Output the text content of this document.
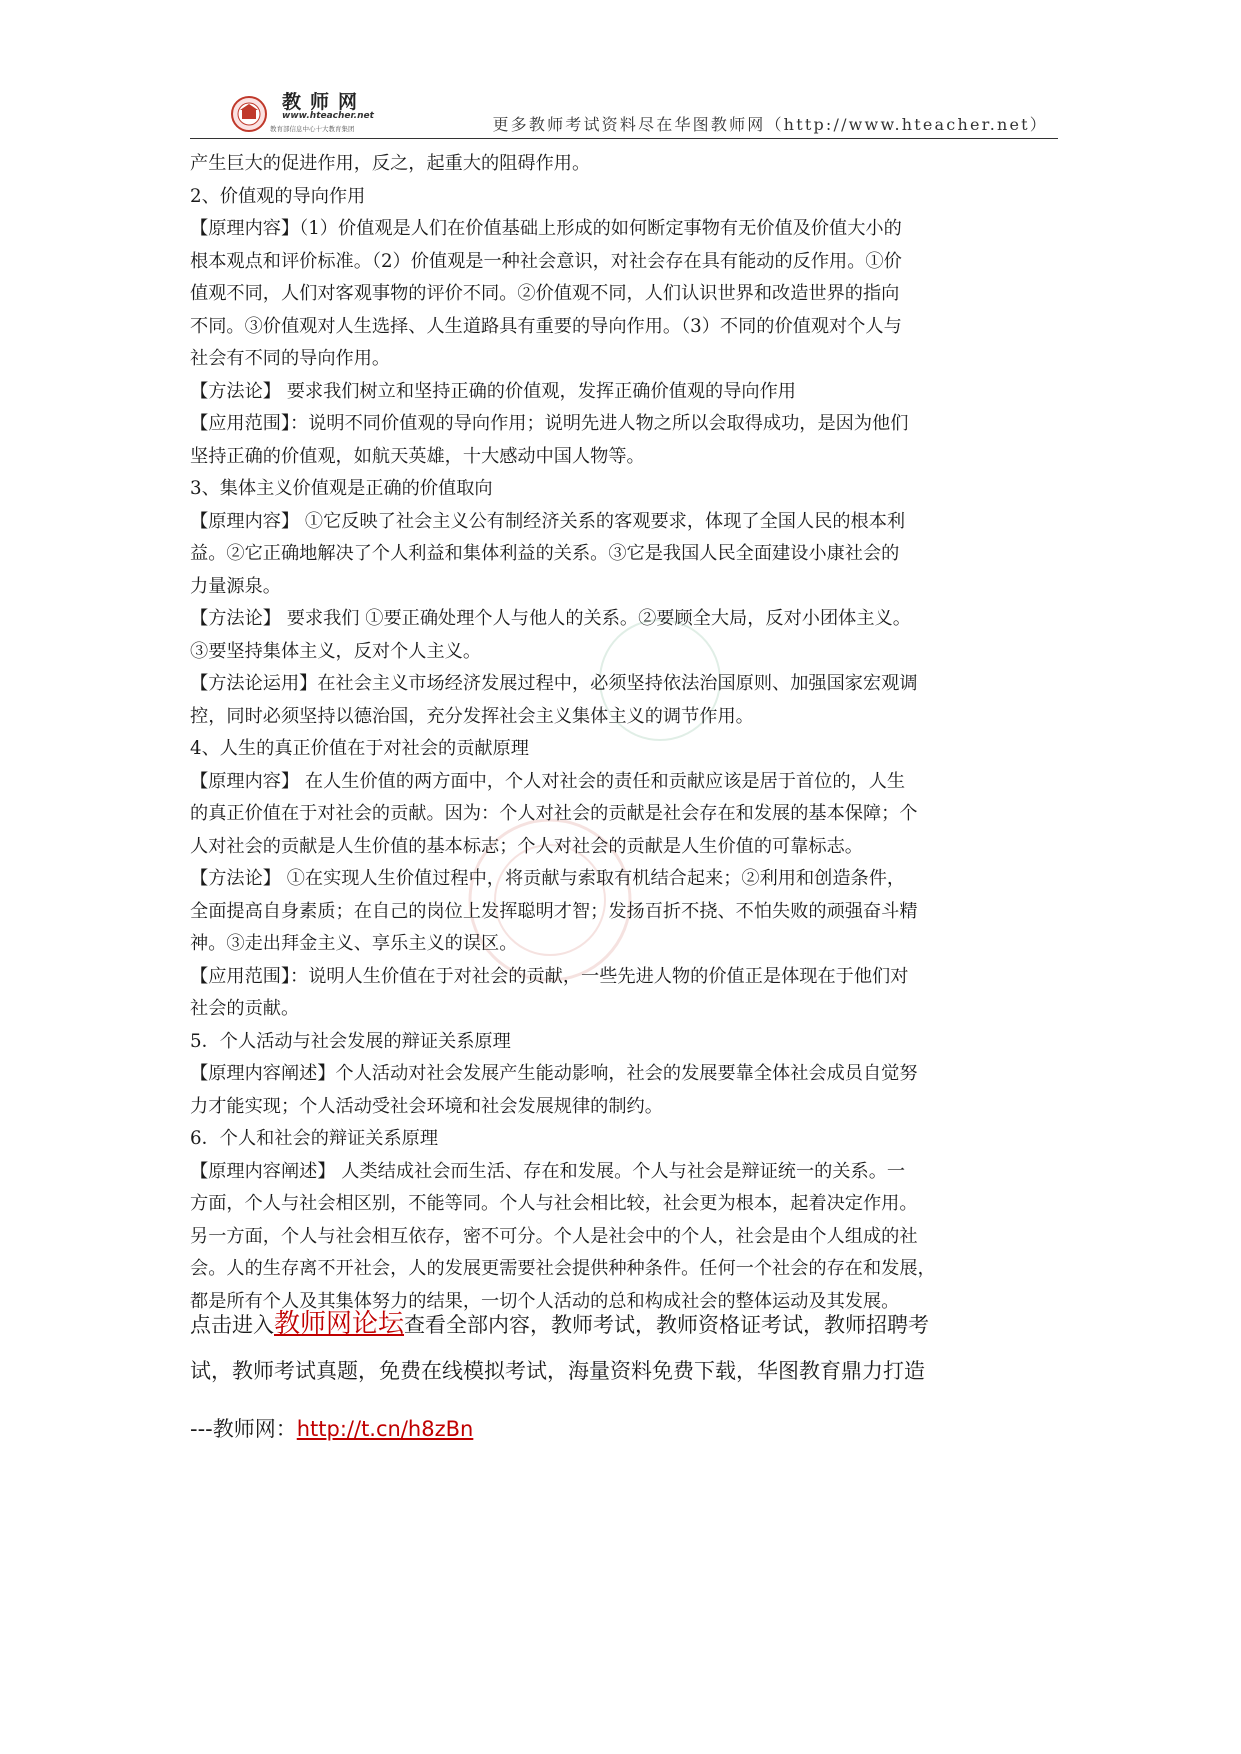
教师网
www.hteacher.net
教育部信息中心十大教育集团	更多教师考试资料尽在华图教师网（http://www.hteacher.net）
产生巨大的促进作用，反之，起重大的阻碍作用。
2、价值观的导向作用
【原理内容】（1）价值观是人们在价值基础上形成的如何断定事物有无价值及价值大小的
根本观点和评价标准。（2）价值观是一种社会意识，对社会存在具有能动的反作用。①价
值观不同，人们对客观事物的评价不同。②价值观不同，人们认识世界和改造世界的指向
不同。③价值观对人生选择、人生道路具有重要的导向作用。（3）不同的价值观对个人与
社会有不同的导向作用。
【方法论】 要求我们树立和坚持正确的价值观，发挥正确价值观的导向作用
【应用范围】：说明不同价值观的导向作用；说明先进人物之所以会取得成功，是因为他们
坚持正确的价值观，如航天英雄，十大感动中国人物等。
3、集体主义价值观是正确的价值取向
【原理内容】 ①它反映了社会主义公有制经济关系的客观要求，体现了全国人民的根本利
益。②它正确地解决了个人利益和集体利益的关系。③它是我国人民全面建设小康社会的
力量源泉。
【方法论】 要求我们 ①要正确处理个人与他人的关系。②要顾全大局，反对小团体主义。
③要坚持集体主义，反对个人主义。
【方法论运用】在社会主义市场经济发展过程中，必须坚持依法治国原则、加强国家宏观调
控，同时必须坚持以德治国，充分发挥社会主义集体主义的调节作用。
4、人生的真正价值在于对社会的贡献原理
【原理内容】 在人生价值的两方面中，个人对社会的责任和贡献应该是居于首位的，人生
的真正价值在于对社会的贡献。因为：个人对社会的贡献是社会存在和发展的基本保障；个
人对社会的贡献是人生价值的基本标志；个人对社会的贡献是人生价值的可靠标志。
【方法论】 ①在实现人生价值过程中，将贡献与索取有机结合起来；②利用和创造条件，
全面提高自身素质；在自己的岗位上发挥聪明才智；发扬百折不挠、不怕失败的顽强奋斗精
神。③走出拜金主义、享乐主义的误区。
【应用范围】：说明人生价值在于对社会的贡献，一些先进人物的价值正是体现在于他们对
社会的贡献。
5．个人活动与社会发展的辩证关系原理
【原理内容阐述】个人活动对社会发展产生能动影响，社会的发展要靠全体社会成员自觉努
力才能实现；个人活动受社会环境和社会发展规律的制约。
6．个人和社会的辩证关系原理
【原理内容阐述】 人类结成社会而生活、存在和发展。个人与社会是辩证统一的关系。一
方面，个人与社会相区别，不能等同。个人与社会相比较，社会更为根本，起着决定作用。
另一方面，个人与社会相互依存，密不可分。个人是社会中的个人，社会是由个人组成的社
会。人的生存离不开社会，人的发展更需要社会提供种种条件。任何一个社会的存在和发展，
都是所有个人及其集体努力的结果，一切个人活动的总和构成社会的整体运动及其发展。
点击进入教师网论坛查看全部内容，教师考试，教师资格证考试，教师招聘考
试，教师考试真题，免费在线模拟考试，海量资料免费下载，华图教育鼎力打造
---教师网：http://t.cn/h8zBn
